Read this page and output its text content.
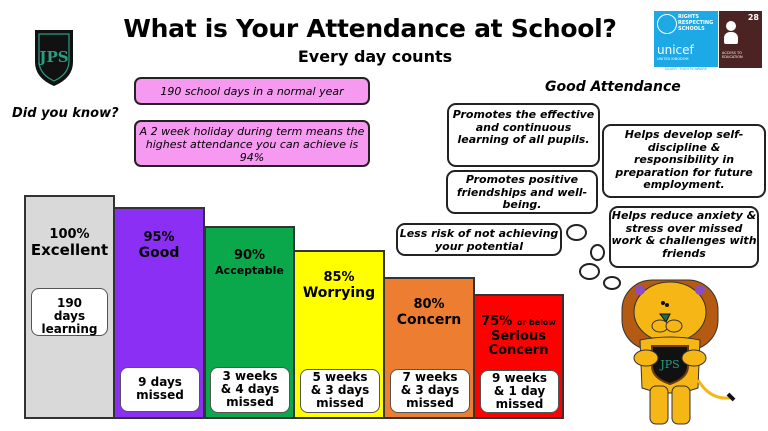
What is Your Attendance at School?
Every day counts
JPS
RIGHTS
RESPECTING
SCHOOLS
unicef
UNITED KINGDOM
SILVER - RIGHTS AWARE
28
ACCESS TO
EDUCATION
Did you know?
190 school days in a normal year
A 2 week holiday during term means the highest attendance you can achieve is 94%
Good Attendance
Promotes the effective and continuous learning of all pupils.
Promotes positive friendships and well-being.
Less risk of not achieving your potential
Helps develop self-discipline & responsibility in preparation for future employment.
Helps reduce anxiety & stress over missed work & challenges with friends
100%
Excellent
190 days learning
95%
Good
9 days missed
90%
Acceptable
3 weeks & 4 days missed
85%
Worrying
5 weeks & 3 days missed
80%
Concern
7 weeks & 3 days missed
75% or below
Serious Concern
9 weeks & 1 day missed
JPS
